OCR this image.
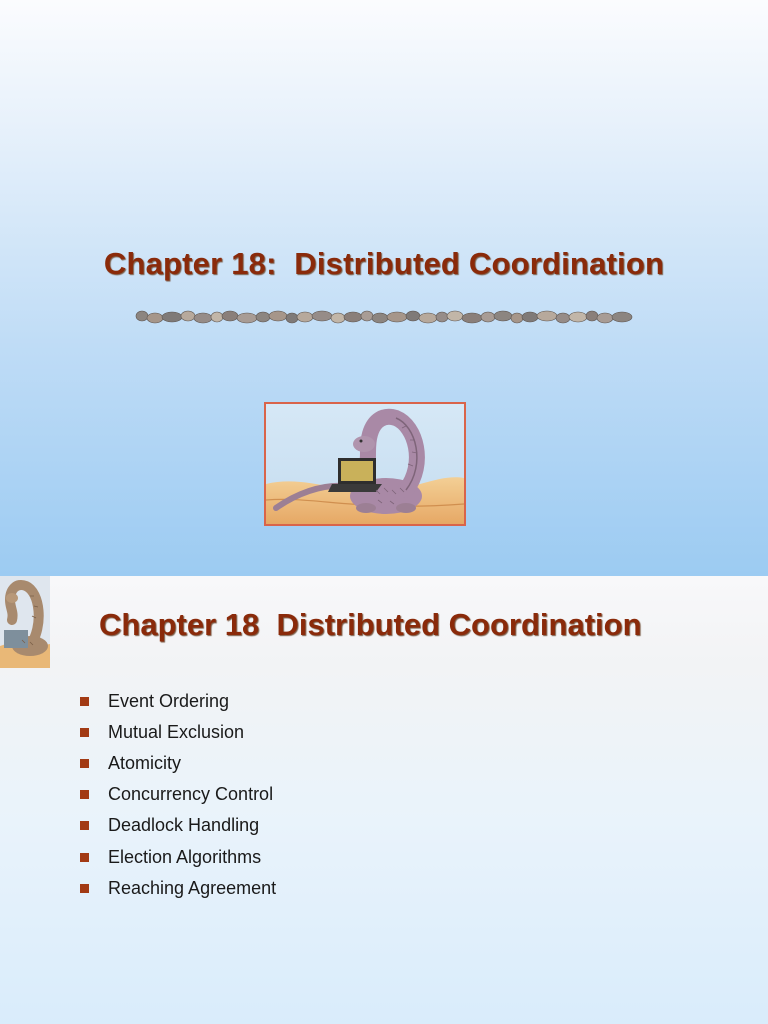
Chapter 18:  Distributed Coordination
Chapter 18  Distributed Coordination
Event Ordering
Mutual Exclusion
Atomicity
Concurrency Control
Deadlock Handling
Election Algorithms
Reaching Agreement
